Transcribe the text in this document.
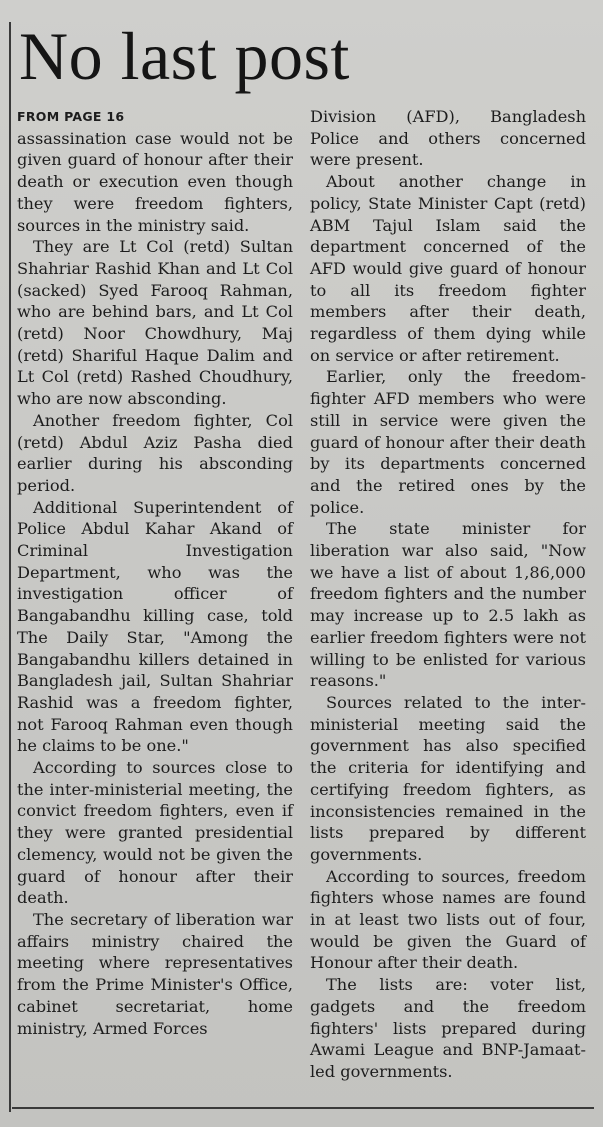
No last post
FROM PAGE 16

assassination case would not be given guard of honour after their death or execution even though they were freedom fighters, sources in the ministry said.

They are Lt Col (retd) Sultan Shahriar Rashid Khan and Lt Col (sacked) Syed Farooq Rahman, who are behind bars, and Lt Col (retd) Noor Chowdhury, Maj (retd) Shariful Haque Dalim and Lt Col (retd) Rashed Choudhury, who are now absconding.

Another freedom fighter, Col (retd) Abdul Aziz Pasha died earlier during his absconding period.

Additional Superintendent of Police Abdul Kahar Akand of Criminal Investigation Department, who was the investigation officer of Bangabandhu killing case, told The Daily Star, "Among the Bangabandhu killers detained in Bangladesh jail, Sultan Shahriar Rashid was a freedom fighter, not Farooq Rahman even though he claims to be one."

According to sources close to the inter-ministerial meeting, the convict freedom fighters, even if they were granted presidential clemency, would not be given the guard of honour after their death.

The secretary of liberation war affairs ministry chaired the meeting where representatives from the Prime Minister's Office, cabinet secretariat, home ministry, Armed Forces

Division (AFD), Bangladesh Police and others concerned were present.

About another change in policy, State Minister Capt (retd) ABM Tajul Islam said the department concerned of the AFD would give guard of honour to all its freedom fighter members after their death, regardless of them dying while on service or after retirement.

Earlier, only the freedom-fighter AFD members who were still in service were given the guard of honour after their death by its departments concerned and the retired ones by the police.

The state minister for liberation war also said, "Now we have a list of about 1,86,000 freedom fighters and the number may increase up to 2.5 lakh as earlier freedom fighters were not willing to be enlisted for various reasons."

Sources related to the inter-ministerial meeting said the government has also specified the criteria for identifying and certifying freedom fighters, as inconsistencies remained in the lists prepared by different governments.

According to sources, freedom fighters whose names are found in at least two lists out of four, would be given the Guard of Honour after their death.

The lists are: voter list, gadgets and the freedom fighters' lists prepared during Awami League and BNP-Jamaat-led governments.
